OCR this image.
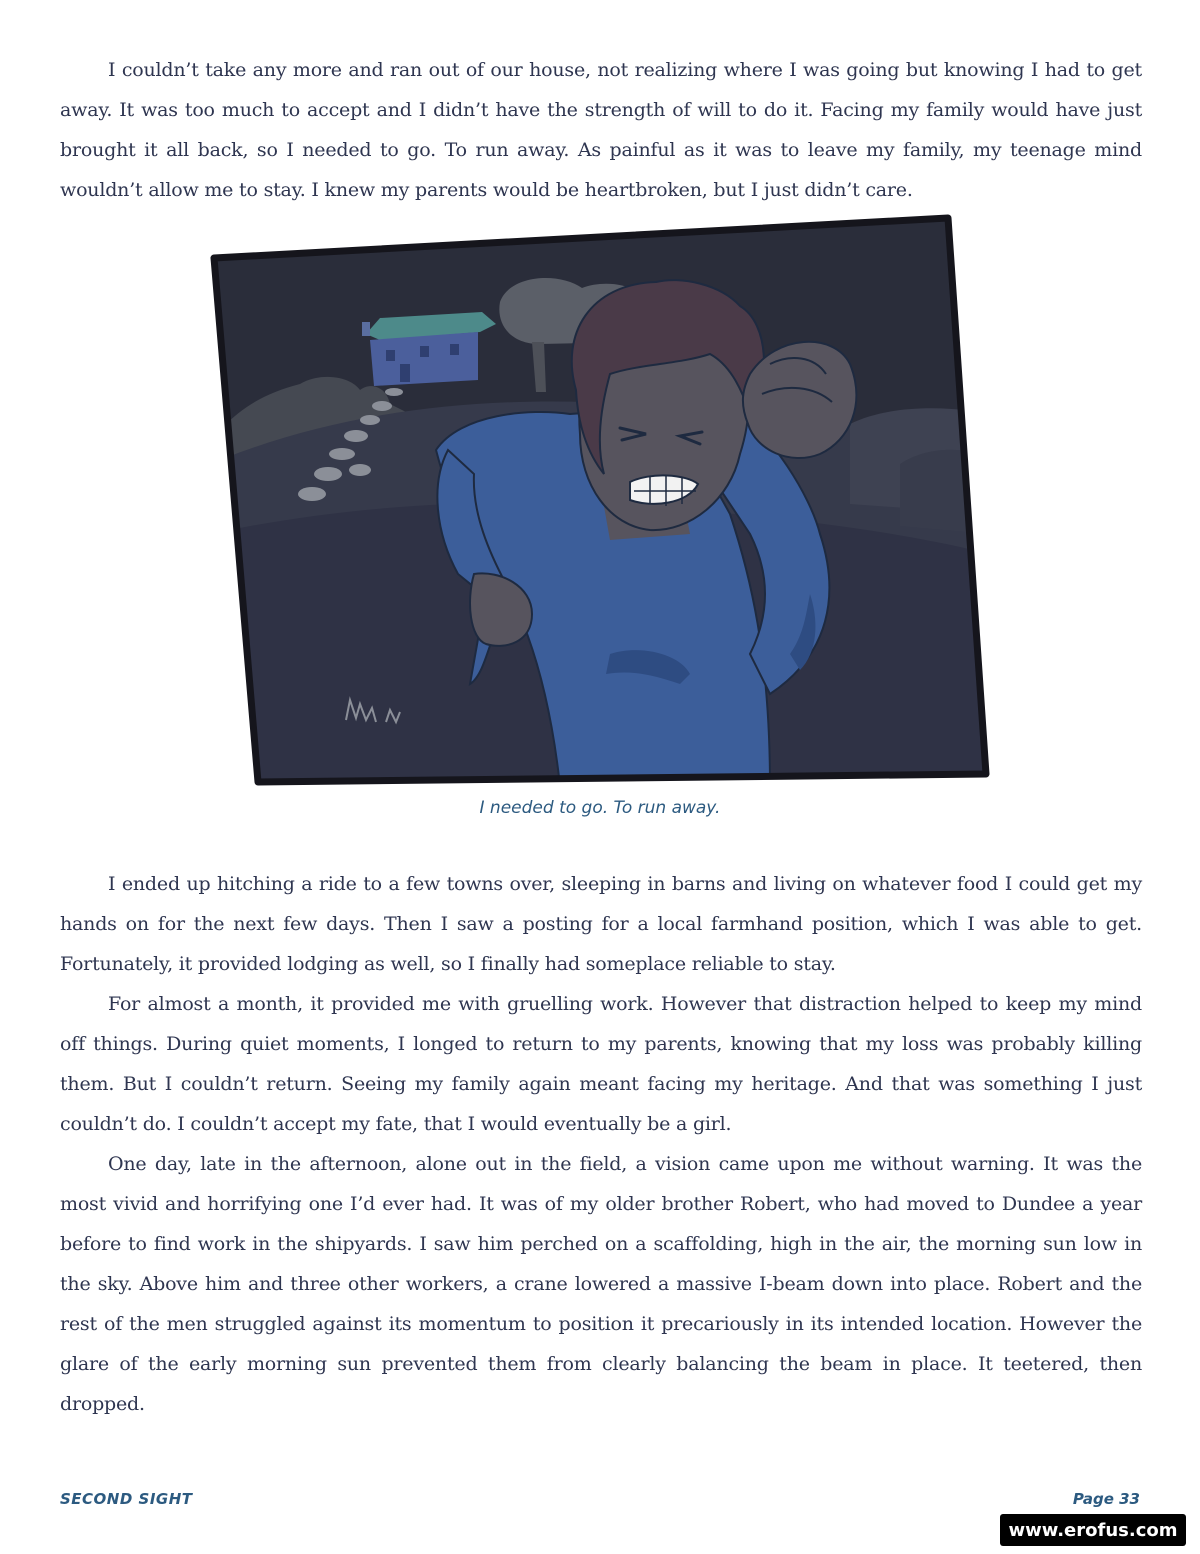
I couldn’t take any more and ran out of our house, not realizing where I was going but knowing I had to get away. It was too much to accept and I didn’t have the strength of will to do it. Facing my family would have just brought it all back, so I needed to go. To run away. As painful as it was to leave my family, my teenage mind wouldn’t allow me to stay. I knew my parents would be heartbroken, but I just didn’t care.

I needed to go. To run away.

I ended up hitching a ride to a few towns over, sleeping in barns and living on whatever food I could get my hands on for the next few days. Then I saw a posting for a local farmhand position, which I was able to get. Fortunately, it provided lodging as well, so I finally had someplace reliable to stay.

For almost a month, it provided me with gruelling work. However that distraction helped to keep my mind off things. During quiet moments, I longed to return to my parents, knowing that my loss was probably killing them. But I couldn’t return. Seeing my family again meant facing my heritage. And that was something I just couldn’t do. I couldn’t accept my fate, that I would eventually be a girl.

One day, late in the afternoon, alone out in the field, a vision came upon me without warning. It was the most vivid and horrifying one I’d ever had. It was of my older brother Robert, who had moved to Dundee a year before to find work in the shipyards. I saw him perched on a scaffolding, high in the air, the morning sun low in the sky. Above him and three other workers, a crane lowered a massive I-beam down into place. Robert and the rest of the men struggled against its momentum to position it precariously in its intended location. However the glare of the early morning sun prevented them from clearly balancing the beam in place. It teetered, then dropped.

SECOND SIGHT	Page 33
www.erofus.com
